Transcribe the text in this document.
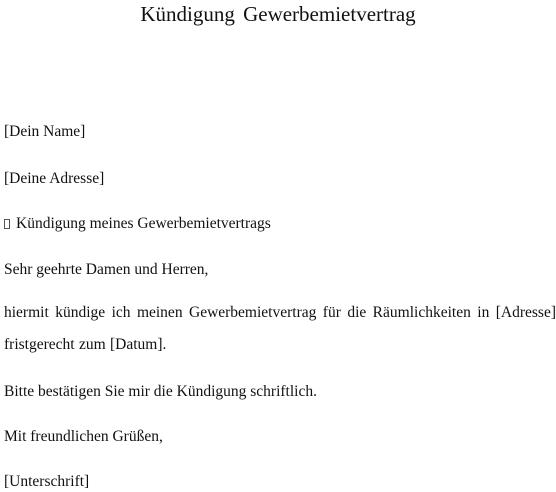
Kündigung Gewerbemietvertrag

[Dein Name]

[Deine Adresse]

Kündigung meines Gewerbemietvertrags

Sehr geehrte Damen und Herren,

hiermit kündige ich meinen Gewerbemietvertrag für die Räumlichkeiten in [Adresse] fristgerecht zum [Datum].

Bitte bestätigen Sie mir die Kündigung schriftlich.

Mit freundlichen Grüßen,

[Unterschrift]
